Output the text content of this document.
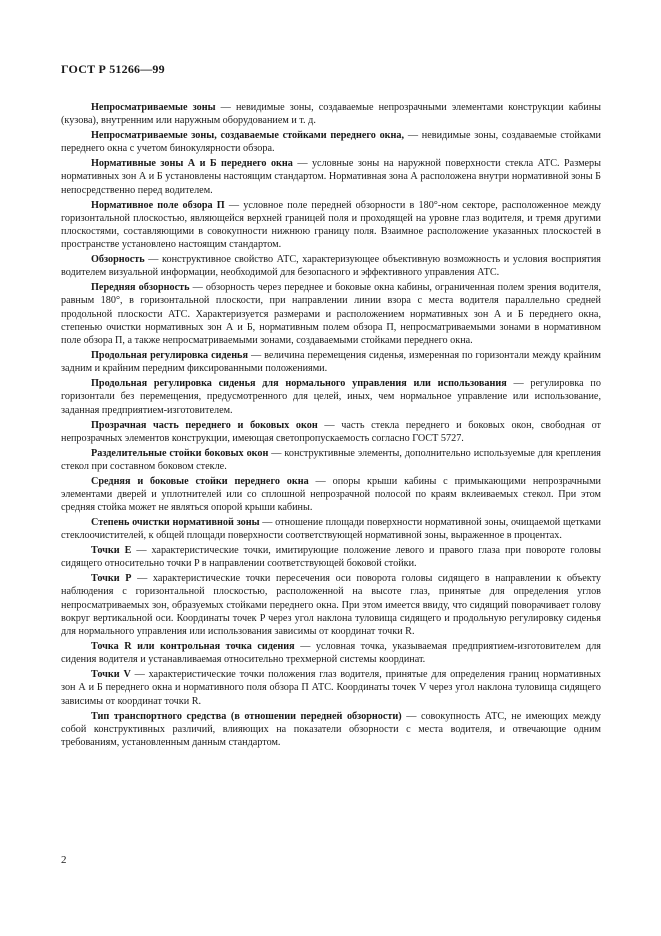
ГОСТ Р 51266—99

Непросматриваемые зоны — невидимые зоны, создаваемые непрозрачными элементами конструкции кабины (кузова), внутренним или наружным оборудованием и т. д.

Непросматриваемые зоны, создаваемые стойками переднего окна, — невидимые зоны, создаваемые стойками переднего окна с учетом бинокулярности обзора.

Нормативные зоны А и Б переднего окна — условные зоны на наружной поверхности стекла АТС. Размеры нормативных зон А и Б установлены настоящим стандартом. Нормативная зона А расположена внутри нормативной зоны Б непосредственно перед водителем.

Нормативное поле обзора П — условное поле передней обзорности в 180°-ном секторе, расположенное между горизонтальной плоскостью, являющейся верхней границей поля и проходящей на уровне глаз водителя, и тремя другими плоскостями, составляющими в совокупности нижнюю границу поля. Взаимное расположение указанных плоскостей в пространстве установлено настоящим стандартом.

Обзорность — конструктивное свойство АТС, характеризующее объективную возможность и условия восприятия водителем визуальной информации, необходимой для безопасного и эффективного управления АТС.

Передняя обзорность — обзорность через переднее и боковые окна кабины, ограниченная полем зрения водителя, равным 180°, в горизонтальной плоскости, при направлении линии взора с места водителя параллельно средней продольной плоскости АТС. Характеризуется размерами и расположением нормативных зон А и Б переднего окна, степенью очистки нормативных зон А и Б, нормативным полем обзора П, непросматриваемыми зонами в нормативном поле обзора П, а также непросматриваемыми зонами, создаваемыми стойками переднего окна.

Продольная регулировка сиденья — величина перемещения сиденья, измеренная по горизонтали между крайним задним и крайним передним фиксированными положениями.

Продольная регулировка сиденья для нормального управления или использования — регулировка по горизонтали без перемещения, предусмотренного для целей, иных, чем нормальное управление или использование, заданная предприятием-изготовителем.

Прозрачная часть переднего и боковых окон — часть стекла переднего и боковых окон, свободная от непрозрачных элементов конструкции, имеющая светопропускаемость согласно ГОСТ 5727.

Разделительные стойки боковых окон — конструктивные элементы, дополнительно используемые для крепления стекол при составном боковом стекле.

Средняя и боковые стойки переднего окна — опоры крыши кабины с примыкающими непрозрачными элементами дверей и уплотнителей или со сплошной непрозрачной полосой по краям вклеиваемых стекол. При этом средняя стойка может не являться опорой крыши кабины.

Степень очистки нормативной зоны — отношение площади поверхности нормативной зоны, очищаемой щетками стеклоочистителей, к общей площади поверхности соответствующей нормативной зоны, выраженное в процентах.

Точки E — характеристические точки, имитирующие положение левого и правого глаза при повороте головы сидящего относительно точки P в направлении соответствующей боковой стойки.

Точки P — характеристические точки пересечения оси поворота головы сидящего в направлении к объекту наблюдения с горизонтальной плоскостью, расположенной на высоте глаз, принятые для определения углов непросматриваемых зон, образуемых стойками переднего окна. При этом имеется ввиду, что сидящий поворачивает голову вокруг вертикальной оси. Координаты точек P через угол наклона туловища сидящего и продольную регулировку сиденья для нормального управления или использования зависимы от координат точки R.

Точка R или контрольная точка сидения — условная точка, указываемая предприятием-изготовителем для сидения водителя и устанавливаемая относительно трехмерной системы координат.

Точки V — характеристические точки положения глаз водителя, принятые для определения границ нормативных зон А и Б переднего окна и нормативного поля обзора П АТС. Координаты точек V через угол наклона туловища сидящего зависимы от координат точки R.

Тип транспортного средства (в отношении передней обзорности) — совокупность АТС, не имеющих между собой конструктивных различий, влияющих на показатели обзорности с места водителя, и отвечающие одним требованиям, установленным данным стандартом.

2
